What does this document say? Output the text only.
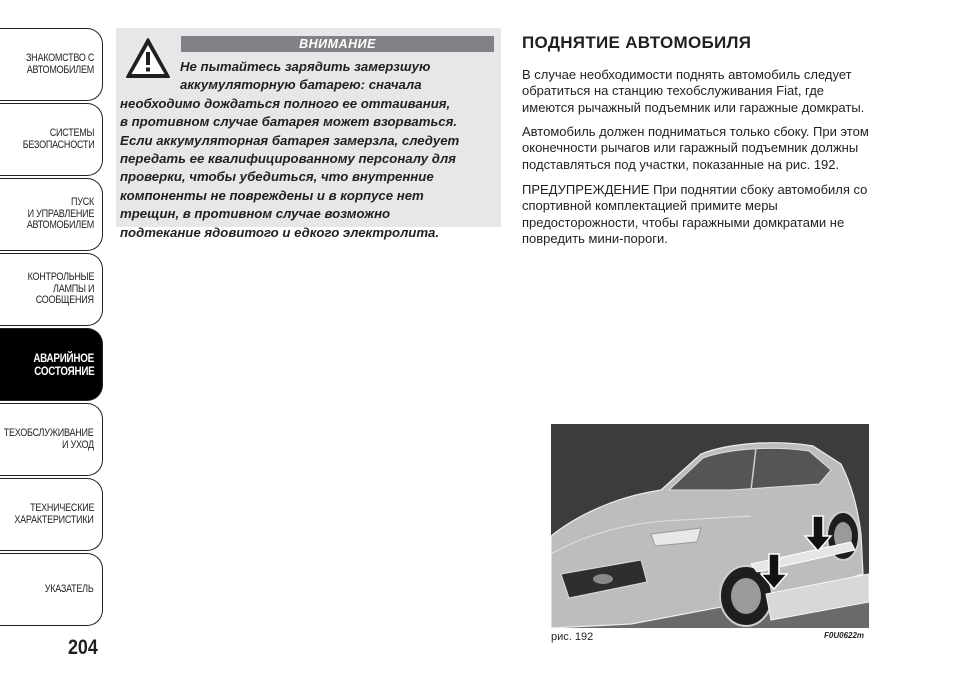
ЗНАКОМСТВО С
АВТОМОБИЛЕМ
СИСТЕМЫ
БЕЗОПАСНОСТИ
ПУСК
И УПРАВЛЕНИЕ
АВТОМОБИЛЕМ
КОНТРОЛЬНЫЕ
ЛАМПЫ И
СООБЩЕНИЯ
АВАРИЙНОЕ
СОСТОЯНИЕ
ТЕХОБСЛУЖИВАНИЕ
И УХОД
ТЕХНИЧЕСКИЕ
ХАРАКТЕРИСТИКИ
УКАЗАТЕЛЬ
204
ВНИМАНИЕ
Не пытайтесь зарядить замерзшую
аккумуляторную батарею: сначала
необходимо дождаться полного ее оттаивания,
в противном случае батарея может взорваться.
Если аккумуляторная батарея замерзла, следует
передать ее квалифицированному персоналу для
проверки, чтобы убедиться, что внутренние
компоненты не повреждены и в корпусе нет
трещин, в противном случае возможно
подтекание ядовитого и едкого электролита.
ПОДНЯТИЕ АВТОМОБИЛЯ
В случае необходимости поднять автомобиль следует
обратиться на станцию техобслуживания Fiat, где
имеются рычажный подъемник или гаражные домкраты.
Автомобиль должен подниматься только сбоку. При этом
оконечности рычагов или гаражный подъемник должны
подставляться под участки, показанные на рис. 192.
ПРЕДУПРЕЖДЕНИЕ При поднятии сбоку автомобиля со
спортивной комплектацией примите меры
предосторожности, чтобы гаражными домкратами не
повредить мини-пороги.
рис. 192	F0U0622m
